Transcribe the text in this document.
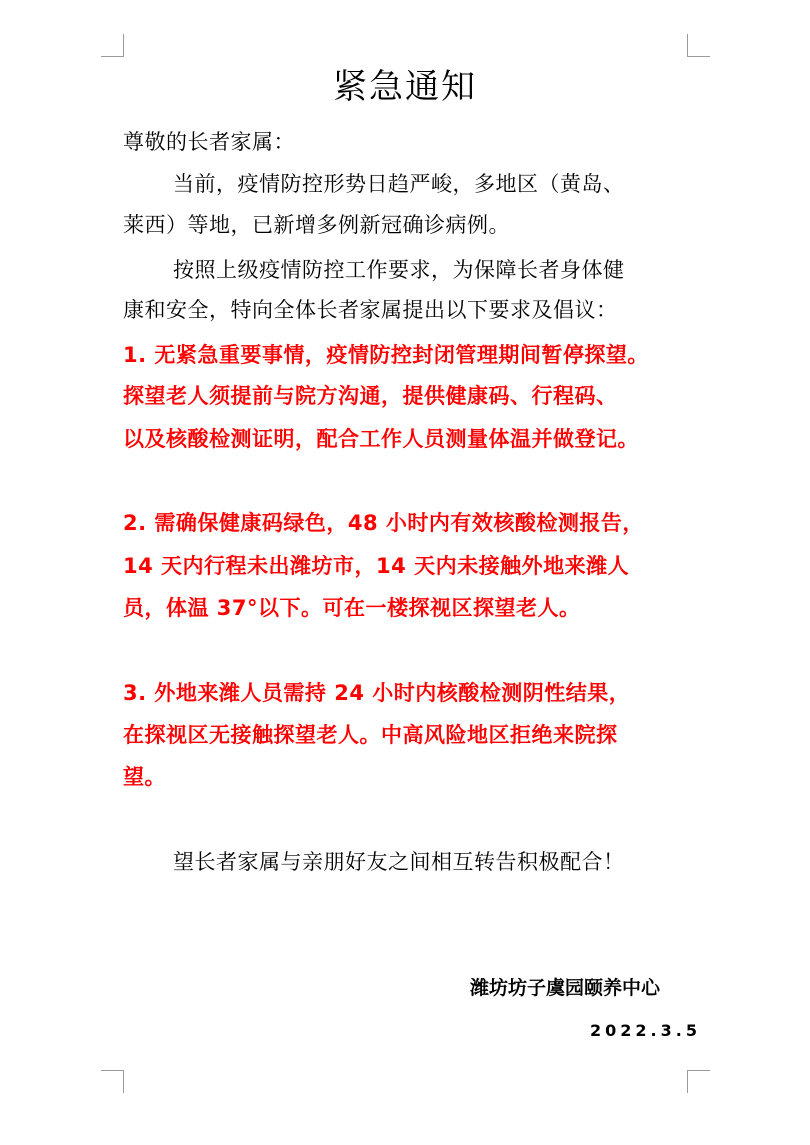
紧急通知
尊敬的长者家属：
当前，疫情防控形势日趋严峻，多地区（黄岛、
莱西）等地，已新增多例新冠确诊病例。
按照上级疫情防控工作要求，为保障长者身体健
康和安全，特向全体长者家属提出以下要求及倡议：
1. 无紧急重要事情，疫情防控封闭管理期间暂停探望。
探望老人须提前与院方沟通，提供健康码、行程码、
以及核酸检测证明，配合工作人员测量体温并做登记。
2. 需确保健康码绿色，48 小时内有效核酸检测报告，
14 天内行程未出潍坊市，14 天内未接触外地来潍人
员，体温 37°以下。可在一楼探视区探望老人。
3. 外地来潍人员需持 24 小时内核酸检测阴性结果，
在探视区无接触探望老人。中高风险地区拒绝来院探
望。
望长者家属与亲朋好友之间相互转告积极配合！
潍坊坊子虞园颐养中心
2022.3.5
